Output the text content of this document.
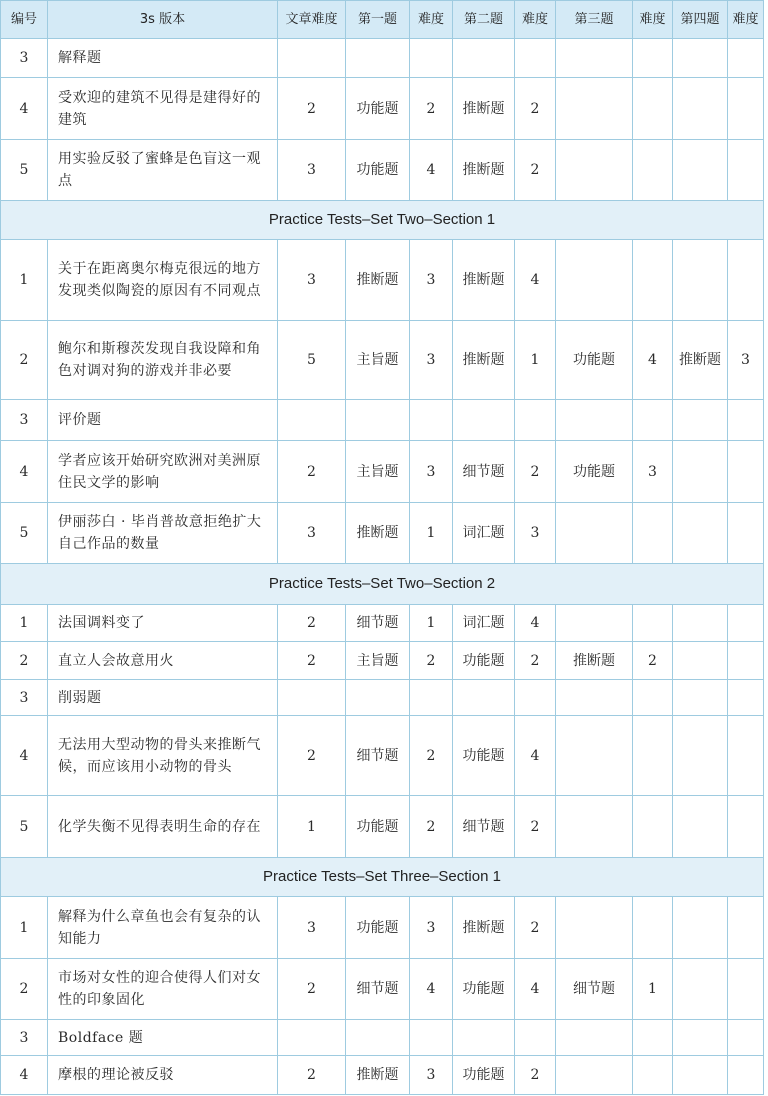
编号	3s 版本	文章难度	第一题	难度	第二题	难度	第三题	难度	第四题	难度
3	解释题									
4	受欢迎的建筑不见得是建得好的建筑	2	功能题	2	推断题	2				
5	用实验反驳了蜜蜂是色盲这一观点	3	功能题	4	推断题	2				
Practice Tests–Set Two–Section 1										
1	关于在距离奥尔梅克很远的地方发现类似陶瓷的原因有不同观点	3	推断题	3	推断题	4				
2	鲍尔和斯穆茨发现自我设障和角色对调对狗的游戏并非必要	5	主旨题	3	推断题	1	功能题	4	推断题	3
3	评价题									
4	学者应该开始研究欧洲对美洲原住民文学的影响	2	主旨题	3	细节题	2	功能题	3		
5	伊丽莎白 · 毕肖普故意拒绝扩大自己作品的数量	3	推断题	1	词汇题	3				
Practice Tests–Set Two–Section 2										
1	法国调料变了	2	细节题	1	词汇题	4				
2	直立人会故意用火	2	主旨题	2	功能题	2	推断题	2		
3	削弱题									
4	无法用大型动物的骨头来推断气候，而应该用小动物的骨头	2	细节题	2	功能题	4				
5	化学失衡不见得表明生命的存在	1	功能题	2	细节题	2				
Practice Tests–Set Three–Section 1										
1	解释为什么章鱼也会有复杂的认知能力	3	功能题	3	推断题	2				
2	市场对女性的迎合使得人们对女性的印象固化	2	细节题	4	功能题	4	细节题	1		
3	Boldface 题									
4	摩根的理论被反驳	2	推断题	3	功能题	2				
